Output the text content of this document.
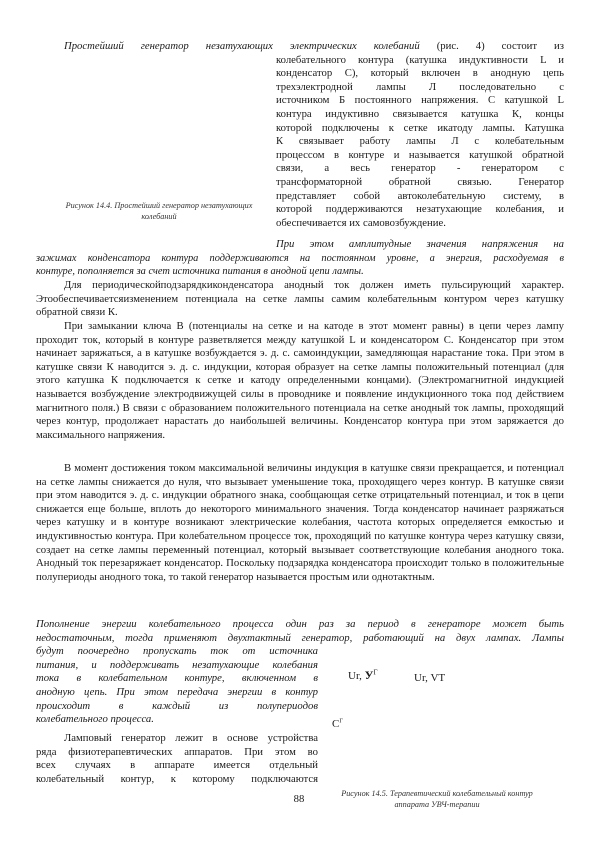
Простейший генератор незатухающих электрических колебаний (рис. 4) состоит из

колебательного контура (катушка индуктивности L и
конденсатор С), который включен в анодную цепь
трехэлектродной лампы Л последовательно с
источником Б постоянного напряжения. С катушкой L
контура индуктивно связывается катушка К, концы
которой подключены к сетке икатоду лампы. Катушка
К связывает работу лампы Л с колебательным
процессом в контуре и называется катушкой обратной
связи, а весь генератор - генератором с
трансформаторной обратной связью. Генератор
представляет собой автоколебательную систему, в
которой поддерживаются незатухающие колебания, и
обеспечивается их самовозбуждение.
Рисунок 14.4. Простейший генератор незатухающих колебаний

При этом амплитудные значения напряжения на

зажимах конденсатора контура поддерживаются на постоянном уровне, а энергия, расходуемая в
контуре, пополняется за счет источника питания в анодной цепи лампы.

Для периодическойподзарядкиконденсатора анодный ток должен иметь пульсирующий характер. Этообеспечиваетсяизменением потенциала на сетке лампы самим колебательным контуром через катушку обратной связи К.

При замыкании ключа В (потенциалы на сетке и на катоде в этот момент равны) в цепи через лампу проходит ток, который в контуре разветвляется между катушкой L и конденсатором С. Конденсатор при этом начинает заряжаться, а в катушке возбуждается э. д. с. самоиндукции, замедляющая нарастание тока. При этом в катушке связи К наводится э. д. с. индукции, которая образует на сетке лампы положительный потенциал (для этого катушка К подключается к сетке и катоду определенными концами). (Электромагнитной индукцией называется возбуждение электродвижущей силы в проводнике и появление индукционного тока под действием магнитного поля.) В связи с образованием положительного потенциала на сетке анодный ток лампы, проходящий через контур, продолжает нарастать до наибольшей величины. Конденсатор контура при этом заряжается до максимального напряжения.

В момент достижения током максимальной величины индукция в катушке связи прекращается, и потенциал на сетке лампы снижается до нуля, что вызывает уменьшение тока, проходящего через контур. В катушке связи при этом наводится э. д. с. индукции обратного знака, сообщающая сетке отрицательный потенциал, и ток в цепи снижается еще больше, вплоть до некоторого минимального значения. Тогда конденсатор начинает разряжаться через катушку и в контуре возникают электрические колебания, частота которых определяется емкостью и индуктивностью контура. При колебательном процессе ток, проходящий по катушке контура через катушку связи, создает на сетке лампы переменный потенциал, который вызывает соответствующие колебания анодного тока. Анодный ток перезаряжает конденсатор. Поскольку подзарядка конденсатора происходит только в положительные полупериоды анодного тока, то такой генератор называется простым или однотактным.

Пополнение энергии колебательного процесса один раз за период в генераторе может быть
недостаточным, тогда применяют двухтактный генератор, работающий на двух лампах. Лампы
будут поочередно пропускать ток от источника
питания, и поддерживать незатухающие колебания
тока в колебательном контуре, включенном в
анодную цепь. При этом передача энергии в контур
происходит в каждый из полупериодов
колебательного процесса.
Ламповый генератор лежит в основе устройства
ряда физиотерапевтических аппаратов. При этом во
всех случаях в аппарате имеется отдельный
колебательный контур, к которому подключаются
Ur, $У^Г$	Ur, VT
$С^Г$
88	Рисунок 14.5. Терапевтический колебательный контур аппарата УВЧ-терапии
